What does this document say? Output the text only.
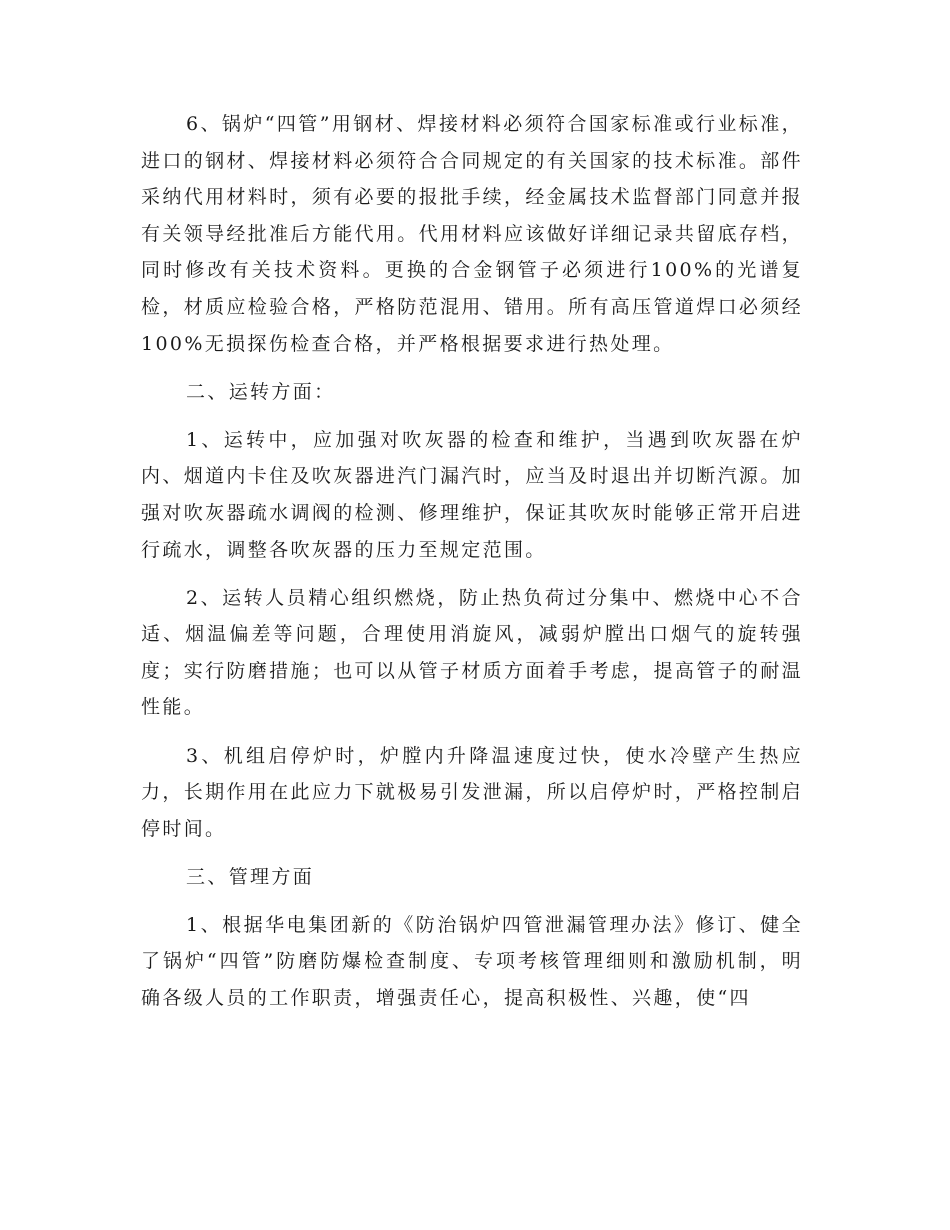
6、锅炉“四管”用钢材、焊接材料必须符合国家标准或行业标准，进口的钢材、焊接材料必须符合合同规定的有关国家的技术标准。部件采纳代用材料时，须有必要的报批手续，经金属技术监督部门同意并报有关领导经批准后方能代用。代用材料应该做好详细记录共留底存档，同时修改有关技术资料。更换的合金钢管子必须进行100%的光谱复检，材质应检验合格，严格防范混用、错用。所有高压管道焊口必须经100%无损探伤检查合格，并严格根据要求进行热处理。

二、运转方面：

1、运转中，应加强对吹灰器的检查和维护，当遇到吹灰器在炉内、烟道内卡住及吹灰器进汽门漏汽时，应当及时退出并切断汽源。加强对吹灰器疏水调阀的检测、修理维护，保证其吹灰时能够正常开启进行疏水，调整各吹灰器的压力至规定范围。

2、运转人员精心组织燃烧，防止热负荷过分集中、燃烧中心不合适、烟温偏差等问题，合理使用消旋风，减弱炉膛出口烟气的旋转强度；实行防磨措施；也可以从管子材质方面着手考虑，提高管子的耐温性能。

3、机组启停炉时，炉膛内升降温速度过快，使水冷壁产生热应力，长期作用在此应力下就极易引发泄漏，所以启停炉时，严格控制启停时间。

三、管理方面

1、根据华电集团新的《防治锅炉四管泄漏管理办法》修订、健全了锅炉“四管”防磨防爆检查制度、专项考核管理细则和激励机制，明确各级人员的工作职责，增强责任心，提高积极性、兴趣，使“四
